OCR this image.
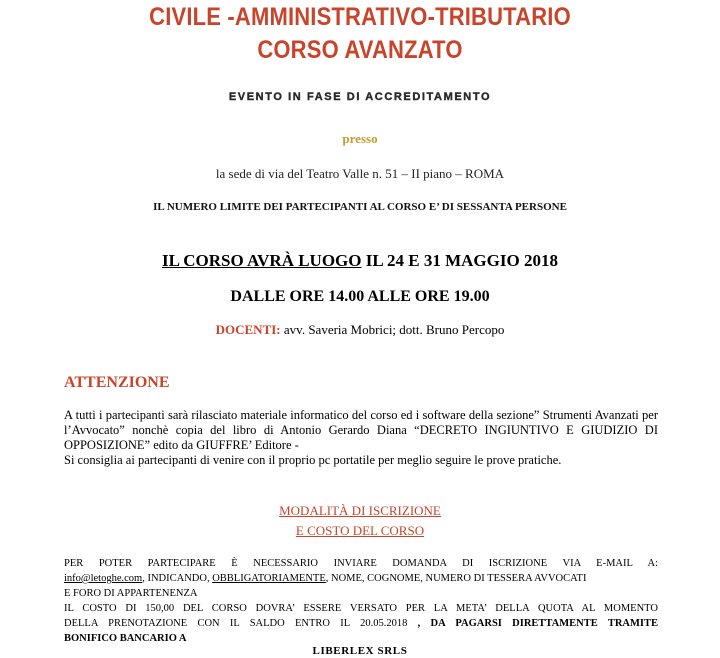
CIVILE -AMMINISTRATIVO-TRIBUTARIO
CORSO AVANZATO
EVENTO IN FASE DI ACCREDITAMENTO
presso
la sede di via del Teatro Valle n. 51 – II piano – ROMA
IL NUMERO LIMITE DEI PARTECIPANTI AL CORSO E’ DI SESSANTA PERSONE
IL CORSO AVRÀ LUOGO IL 24 E 31 MAGGIO 2018
DALLE ORE 14.00 ALLE ORE 19.00
DOCENTI: avv. Saveria Mobrici; dott. Bruno Percopo
ATTENZIONE
A tutti i partecipanti sarà rilasciato materiale informatico del corso ed i software della sezione” Strumenti Avanzati per l’Avvocato” nonchè copia del libro di Antonio Gerardo Diana “DECRETO INGIUNTIVO E GIUDIZIO DI OPPOSIZIONE” edito da GIUFFRE’ Editore -
Si consiglia ai partecipanti di venire con il proprio pc portatile per meglio seguire le prove pratiche.
MODALITÀ DI ISCRIZIONE
E COSTO DEL CORSO
PER POTER PARTECIPARE È NECESSARIO INVIARE DOMANDA DI ISCRIZIONE VIA E-MAIL A:
info@letoghe.com, INDICANDO, OBBLIGATORIAMENTE, NOME, COGNOME, NUMERO DI TESSERA AVVOCATI
E FORO DI APPARTENENZA
IL COSTO DI 150,00 DEL CORSO DOVRA’ ESSERE VERSATO PER LA META’ DELLA QUOTA AL MOMENTO
DELLA PRENOTAZIONE CON IL SALDO ENTRO IL 20.05.2018 , DA PAGARSI DIRETTAMENTE TRAMITE
BONIFICO BANCARIO A
LIBERLEX SRLS
